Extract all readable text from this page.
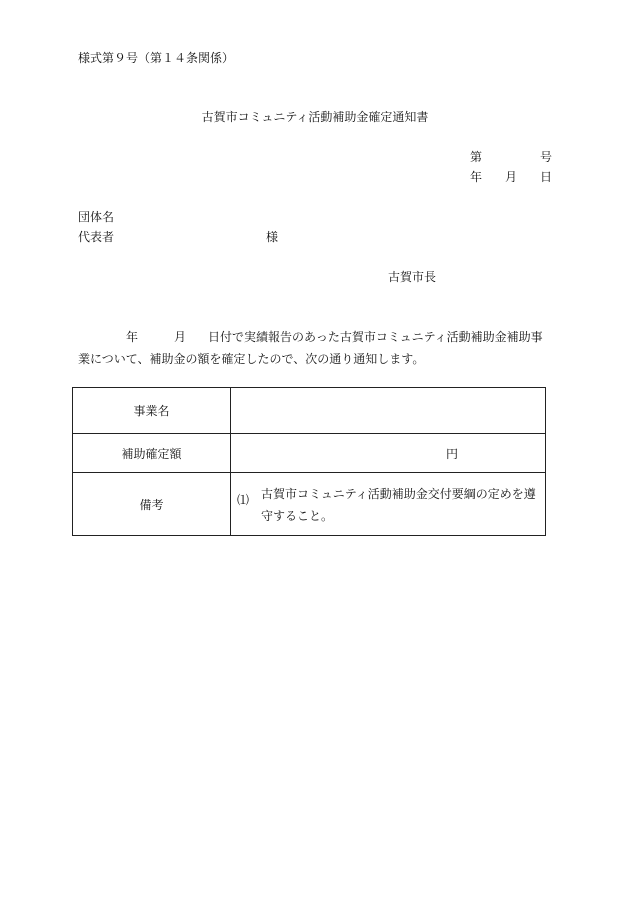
様式第９号（第１４条関係）
古賀市コミュニティ活動補助金確定通知書
第	号
年 月 日
団体名
代表者	様
古賀市長
年	月 日付で実績報告のあった古賀市コミュニティ活動補助金補助事
業について、補助金の額を確定したので、次の通り通知します。
事業名	
補助確定額	円
備考	⑴ 古賀市コミュニティ活動補助金交付要綱の定めを遵守すること。
